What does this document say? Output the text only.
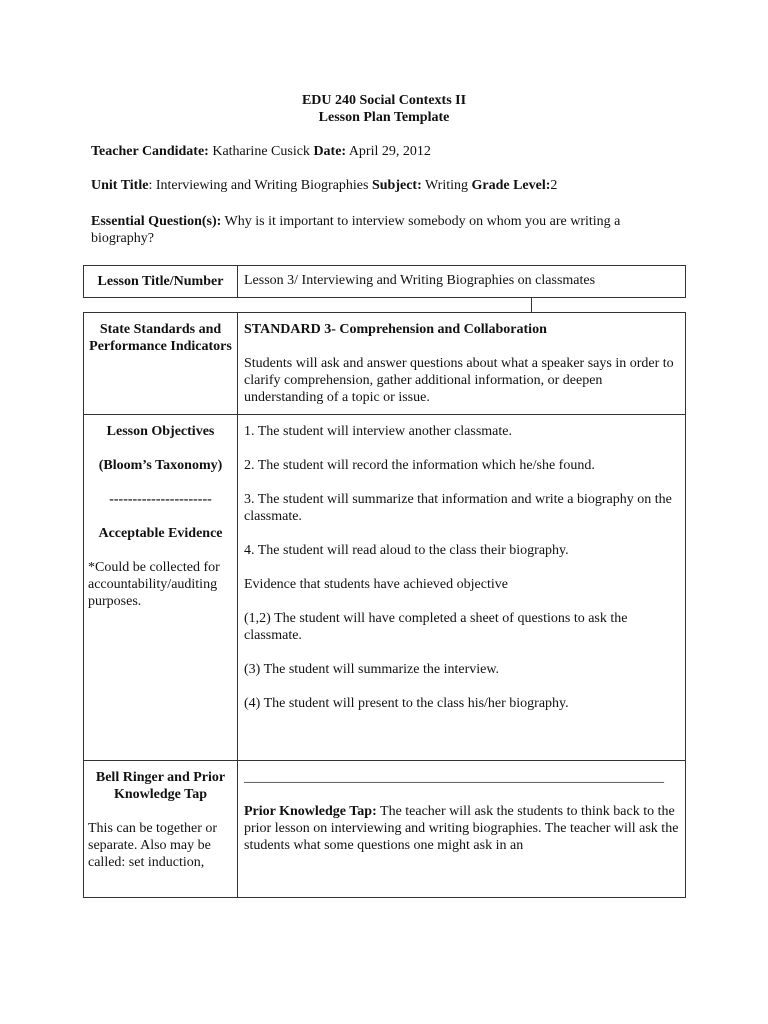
EDU 240 Social Contexts II
Lesson Plan Template
Teacher Candidate: Katharine Cusick Date: April 29, 2012
Unit Title: Interviewing and Writing Biographies Subject: Writing Grade Level:2
Essential Question(s): Why is it important to interview somebody on whom you are writing a biography?
Lesson Title/Number	Lesson 3/ Interviewing and Writing Biographies on classmates
State Standards and Performance Indicators

STANDARD 3- Comprehension and Collaboration

Students will ask and answer questions about what a speaker says in order to clarify comprehension, gather additional information, or deepen understanding of a topic or issue.

Lesson Objectives

(Bloom’s Taxonomy)

----------------------

Acceptable Evidence

*Could be collected for accountability/auditing purposes.

1. The student will interview another classmate.

2. The student will record the information which he/she found.

3. The student will summarize that information and write a biography on the classmate.

4. The student will read aloud to the class their biography.

Evidence that students have achieved objective

(1,2) The student will have completed a sheet of questions to ask the classmate.

(3) The student will summarize the interview.

(4) The student will present to the class his/her biography.

Bell Ringer and Prior Knowledge Tap

This can be together or separate. Also may be called: set induction,

____________________________________________________________

Prior Knowledge Tap: The teacher will ask the students to think back to the prior lesson on interviewing and writing biographies. The teacher will ask the students what some questions one might ask in an
